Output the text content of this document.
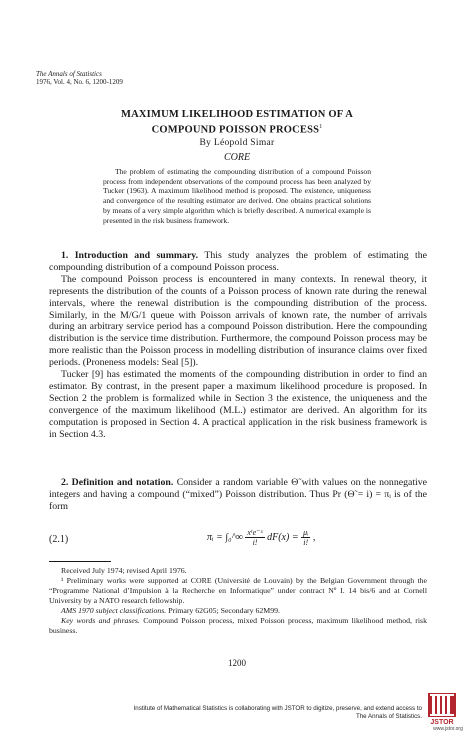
The Annals of Statistics
1976, Vol. 4, No. 6, 1200-1209
MAXIMUM LIKELIHOOD ESTIMATION OF A
COMPOUND POISSON PROCESS$^1$
By Léopold Simar
CORE

The problem of estimating the compounding distribution of a compound Poisson process from independent observations of the compound process has been analyzed by Tucker (1963). A maximum likelihood method is proposed. The existence, uniqueness and convergence of the resulting estimator are derived. One obtains practical solutions by means of a very simple algorithm which is briefly described. A numerical example is presented in the risk business framework.

1. Introduction and summary. This study analyzes the problem of estimating the compounding distribution of a compound Poisson process.

The compound Poisson process is encountered in many contexts. In renewal theory, it represents the distribution of the counts of a Poisson process of known rate during the renewal intervals, where the renewal distribution is the compounding distribution of the process. Similarly, in the M/G/1 queue with Poisson arrivals of known rate, the number of arrivals during an arbitrary service period has a compound Poisson distribution. Here the compounding distribution is the service time distribution. Furthermore, the compound Poisson process may be more realistic than the Poisson process in modelling distribution of insurance claims over fixed periods. (Proneness models: Seal [5]).

Tucker [9] has estimated the moments of the compounding distribution in order to find an estimator. By contrast, in the present paper a maximum likelihood procedure is proposed. In Section 2 the problem is formalized while in Section 3 the existence, the uniqueness and the convergence of the maximum likelihood (M.L.) estimator are derived. An algorithm for its computation is proposed in Section 4. A practical application in the risk business framework is in Section 4.3.

2. Definition and notation. Consider a random variable Θ̃ with values on the nonnegative integers and having a compound (“mixed”) Poisson distribution. Thus Pr (Θ̃ = i) = πᵢ is of the form

(2.1)	πᵢ = ∫₀^∞ $\frac{\text{xⁱe⁻ˣ}}{i!} dF(x) = \frac{\text{μᵢ}}{i!}$ ,

Received July 1974; revised April 1976.

¹ Preliminary works were supported at CORE (Université de Louvain) by the Belgian Government through the “Programme National d’Impulsion à la Recherche en Informatique” under contract Nº I. 14 bis/6 and at Cornell University by a NATO research fellowship.

AMS 1970 subject classifications. Primary 62G05; Secondary 62M99.

Key words and phrases. Compound Poisson process, mixed Poisson process, maximum likelihood method, risk business.

1200
Institute of Mathematical Statistics is collaborating with JSTOR to digitize, preserve, and extend access to
The Annals of Statistics.
JSTOR
www.jstor.org
